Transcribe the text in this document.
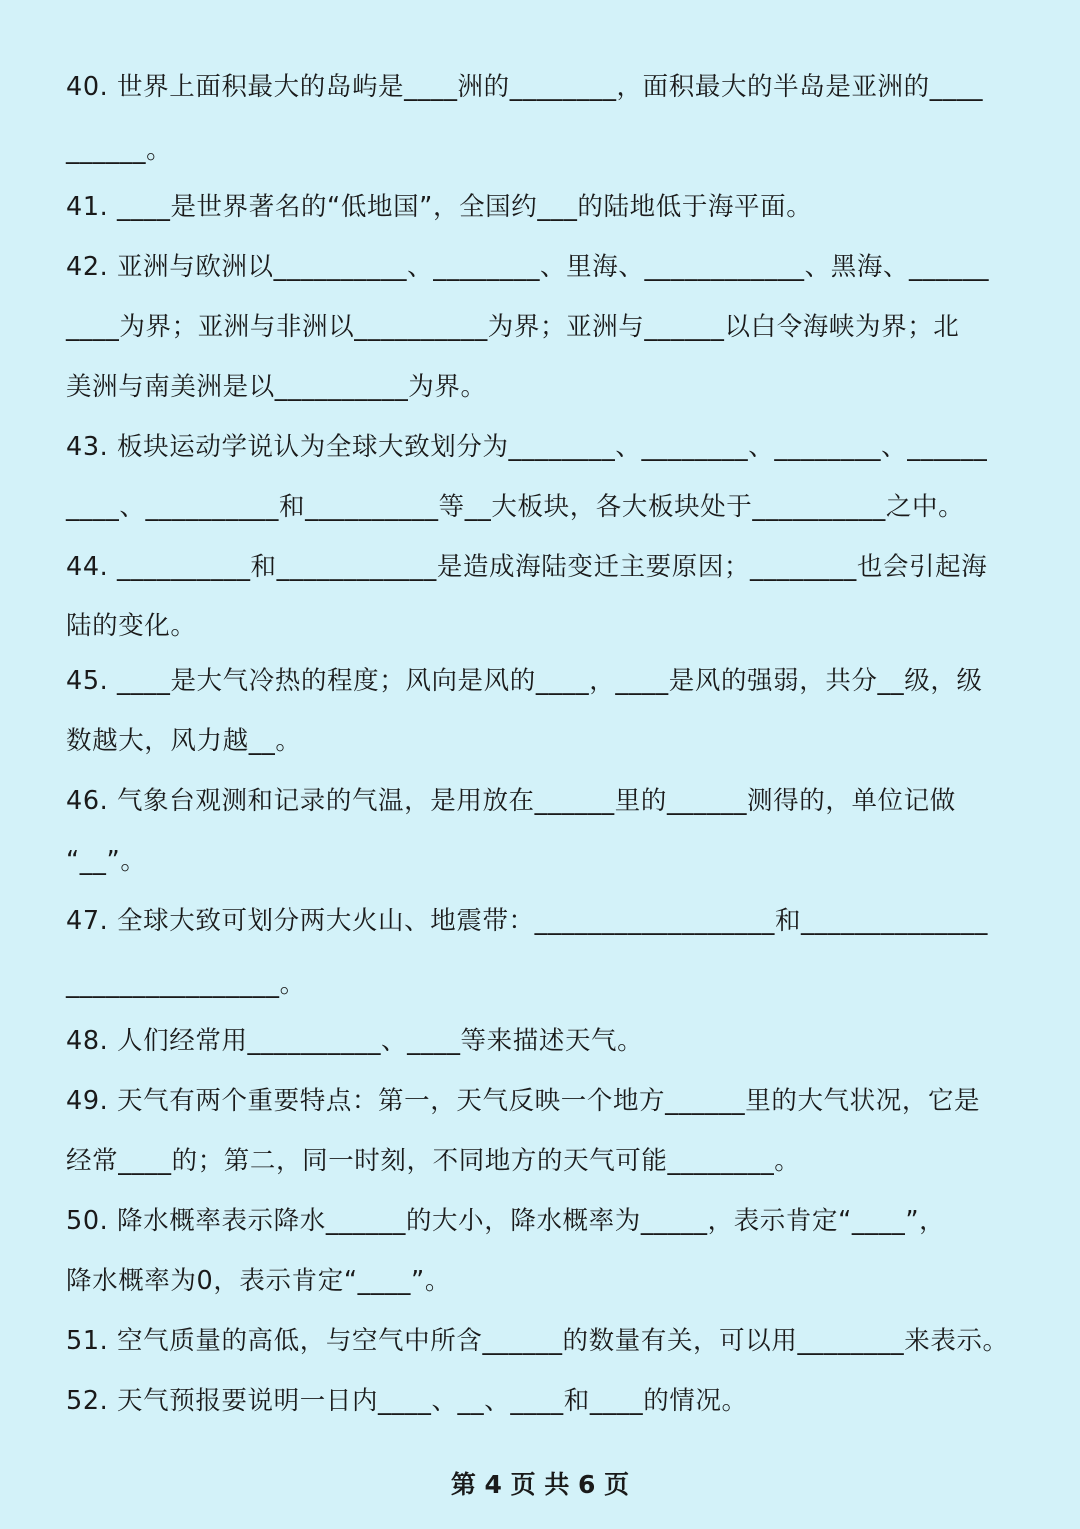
40. 世界上面积最大的岛屿是____洲的________，面积最大的半岛是亚洲的____
______。
41. ____是世界著名的“低地国”，全国约___的陆地低于海平面。
42. 亚洲与欧洲以__________、________、里海、____________、黑海、______
____为界；亚洲与非洲以__________为界；亚洲与______以白令海峡为界；北
美洲与南美洲是以__________为界。
43. 板块运动学说认为全球大致划分为________、________、________、______
____、__________和__________等__大板块，各大板块处于__________之中。
44. __________和____________是造成海陆变迁主要原因；________也会引起海
陆的变化。
45. ____是大气冷热的程度；风向是风的____，____是风的强弱，共分__级，级
数越大，风力越__。
46. 气象台观测和记录的气温，是用放在______里的______测得的，单位记做
“__”。
47. 全球大致可划分两大火山、地震带：__________________和______________
________________。
48. 人们经常用__________、____等来描述天气。
49. 天气有两个重要特点：第一，天气反映一个地方______里的大气状况，它是
经常____的；第二，同一时刻，不同地方的天气可能________。
50. 降水概率表示降水______的大小，降水概率为_____，表示肯定“____”，
降水概率为0，表示肯定“____”。
51. 空气质量的高低，与空气中所含______的数量有关，可以用________来表示。
52. 天气预报要说明一日内____、__、____和____的情况。
第 4 页 共 6 页
